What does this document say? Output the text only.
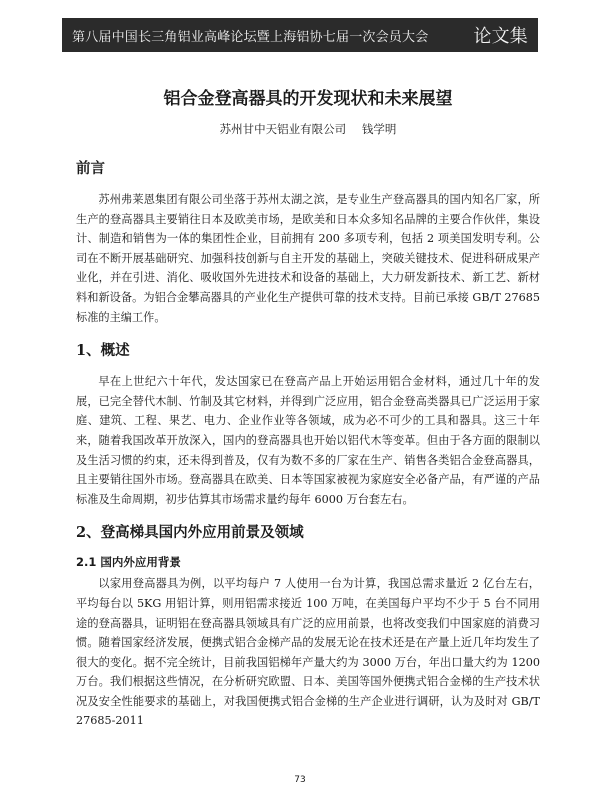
第八届中国长三角铝业高峰论坛暨上海铝协七届一次会员大会 论文集
铝合金登高器具的开发现状和未来展望
苏州甘中天铝业有限公司 钱学明
前言

苏州弗莱恩集团有限公司坐落于苏州太湖之滨，是专业生产登高器具的国内知名厂家，所生产的登高器具主要销往日本及欧美市场，是欧美和日本众多知名品牌的主要合作伙伴，集设计、制造和销售为一体的集团性企业，目前拥有 200 多项专利，包括 2 项美国发明专利。公司在不断开展基础研究、加强科技创新与自主开发的基础上，突破关键技术、促进科研成果产业化，并在引进、消化、吸收国外先进技术和设备的基础上，大力研发新技术、新工艺、新材料和新设备。为铝合金攀高器具的产业化生产提供可靠的技术支持。目前已承接 GB/T 27685 标准的主编工作。

1、概述

早在上世纪六十年代，发达国家已在登高产品上开始运用铝合金材料，通过几十年的发展，已完全替代木制、竹制及其它材料，并得到广泛应用，铝合金登高类器具已广泛运用于家庭、建筑、工程、果艺、电力、企业作业等各领域，成为必不可少的工具和器具。这三十年来，随着我国改革开放深入，国内的登高器具也开始以铝代木等变革。但由于各方面的限制以及生活习惯的约束，还未得到普及，仅有为数不多的厂家在生产、销售各类铝合金登高器具，且主要销往国外市场。登高器具在欧美、日本等国家被视为家庭安全必备产品，有严谨的产品标准及生命周期，初步估算其市场需求量约每年 6000 万台套左右。

2、登高梯具国内外应用前景及领域
2.1 国内外应用背景

以家用登高器具为例，以平均每户 7 人使用一台为计算，我国总需求量近 2 亿台左右，平均每台以 5KG 用铝计算，则用铝需求接近 100 万吨，在美国每户平均不少于 5 台不同用途的登高器具，证明铝在登高器具领域具有广泛的应用前景，也将改变我们中国家庭的消费习惯。随着国家经济发展，便携式铝合金梯产品的发展无论在技术还是在产量上近几年均发生了很大的变化。据不完全统计，目前我国铝梯年产量大约为 3000 万台，年出口量大约为 1200 万台。我们根据这些情况，在分析研究欧盟、日本、美国等国外便携式铝合金梯的生产技术状况及安全性能要求的基础上，对我国便携式铝合金梯的生产企业进行调研，认为及时对 GB/T 27685-2011

73
